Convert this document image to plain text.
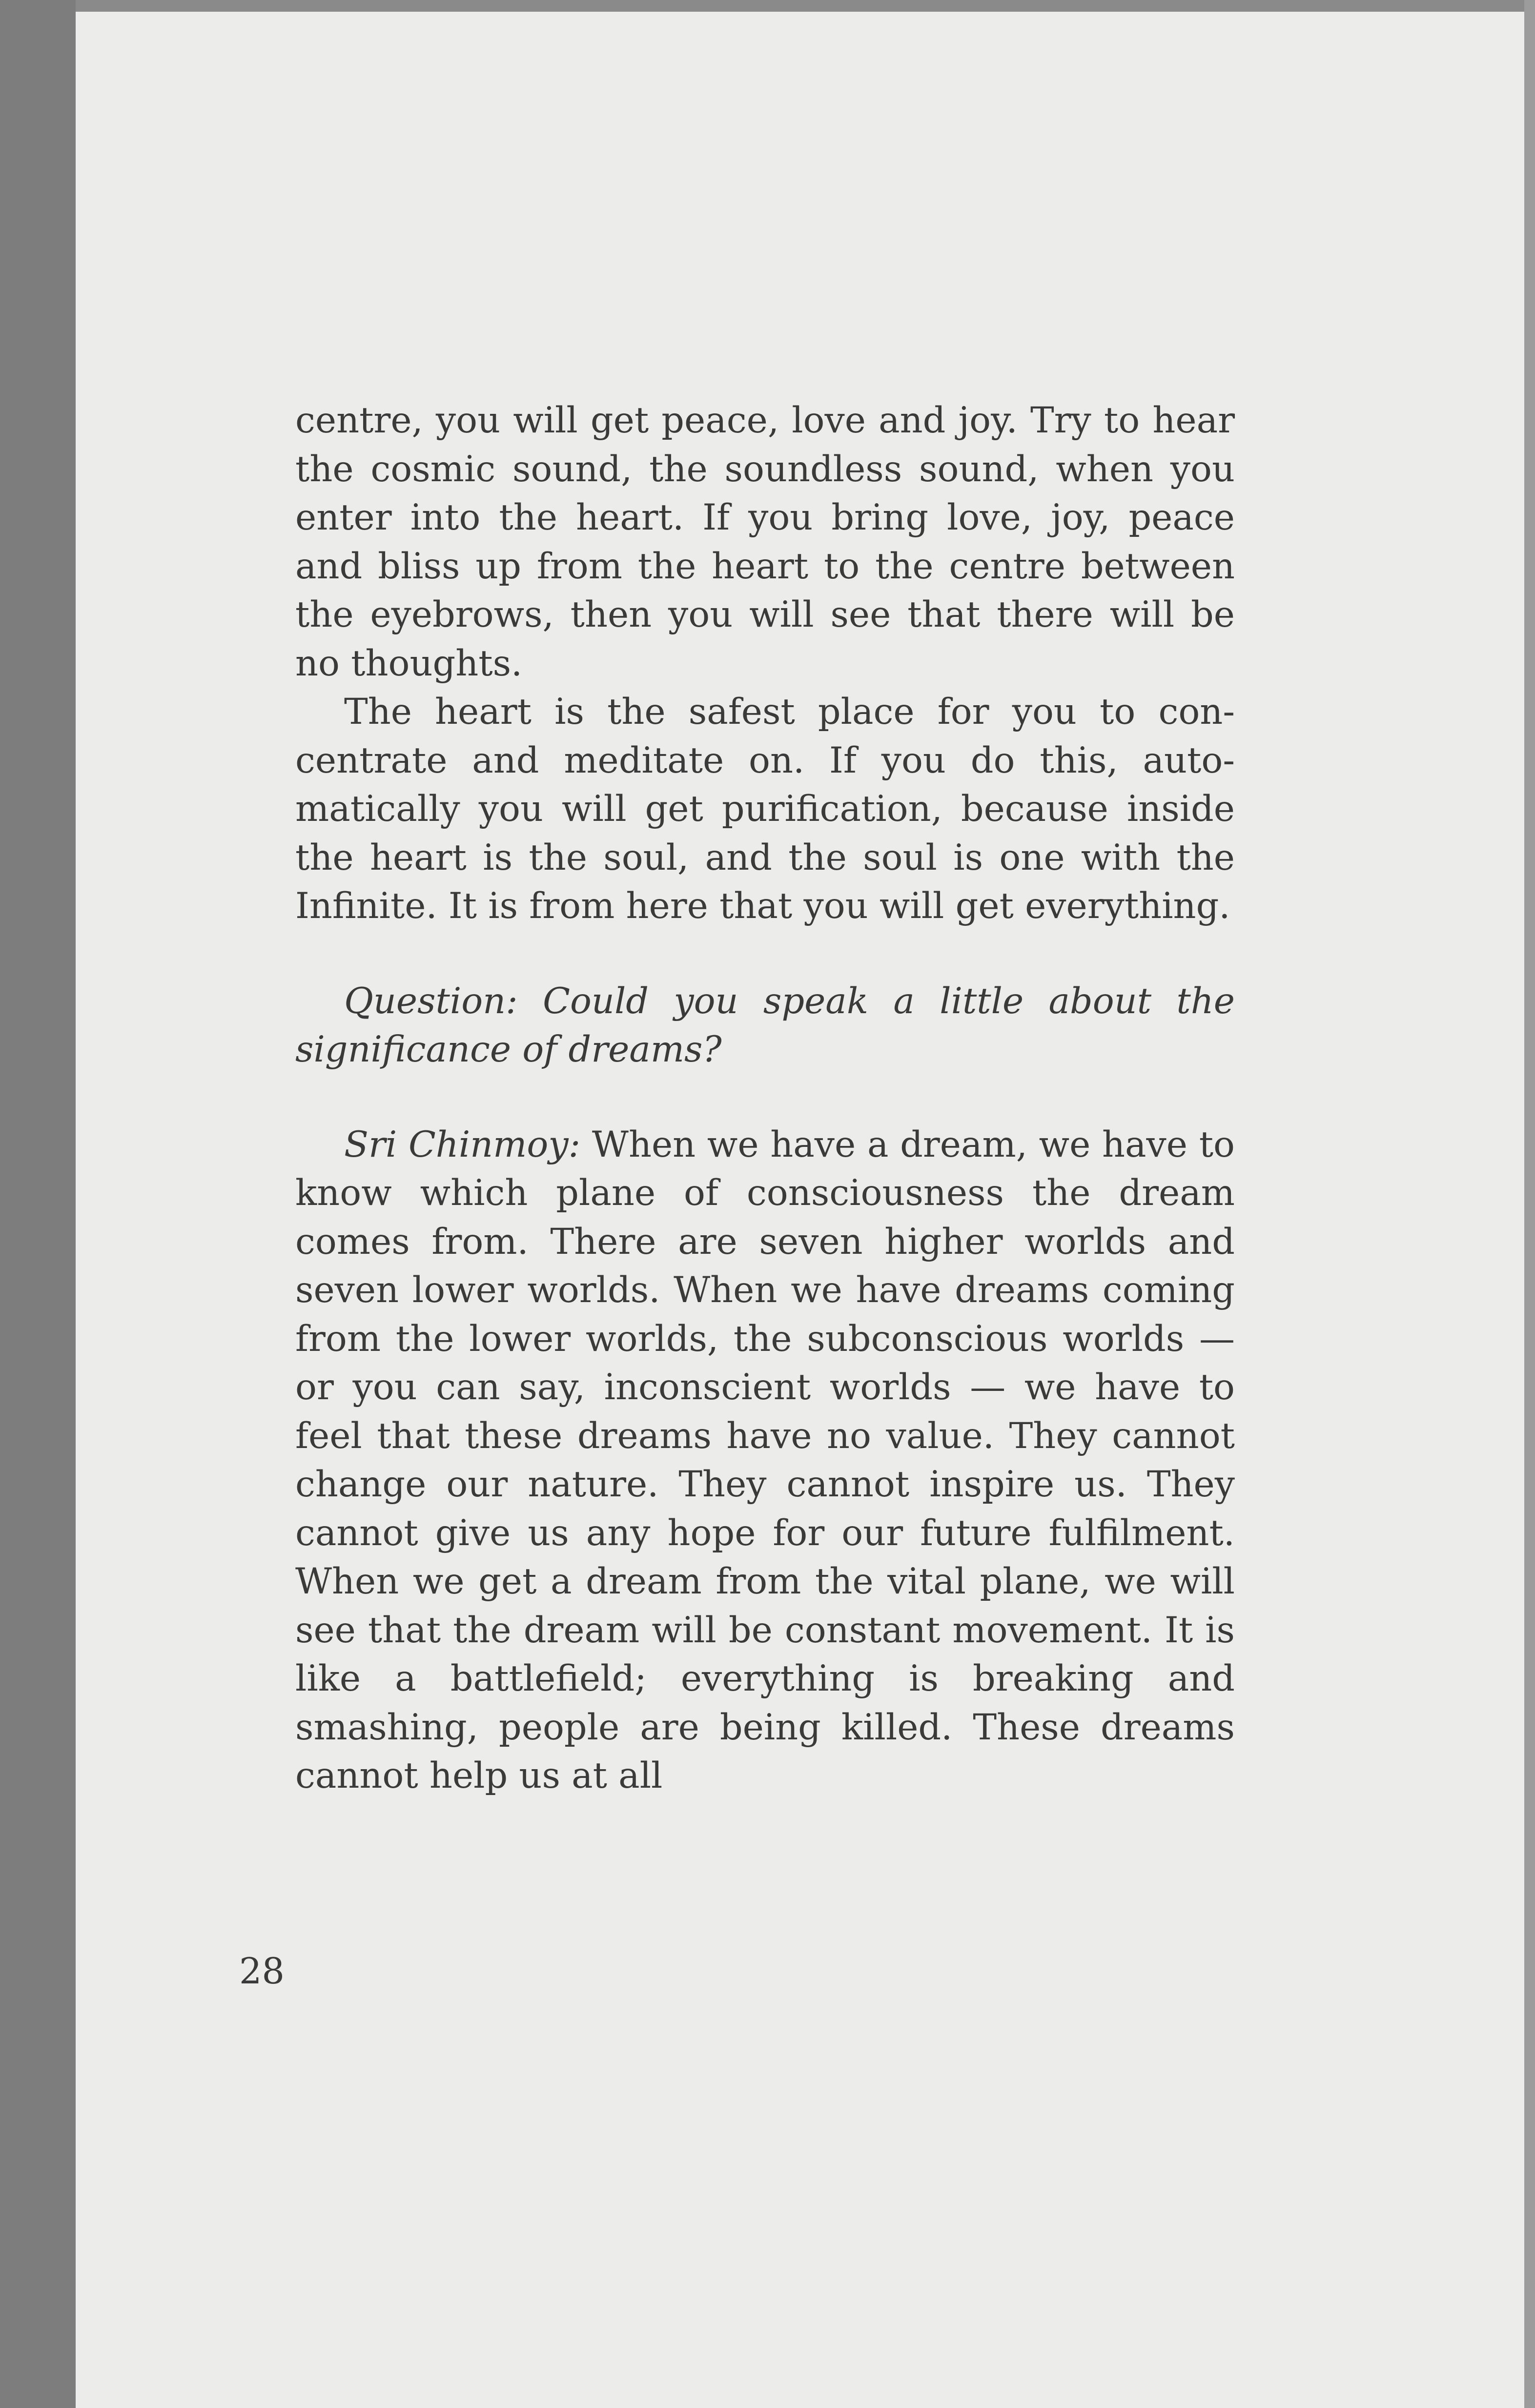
centre, you will get peace, love and joy. Try to hear the cosmic sound, the soundless sound, when you enter into the heart. If you bring love, joy, peace and bliss up from the heart to the centre between the eyebrows, then you will see that there will be no thoughts.

The heart is the safest place for you to concentrate and meditate on. If you do this, automatically you will get purification, because inside the heart is the soul, and the soul is one with the Infinite. It is from here that you will get everything.

Question: Could you speak a little about the significance of dreams?

Sri Chinmoy: When we have a dream, we have to know which plane of consciousness the dream comes from. There are seven higher worlds and seven lower worlds. When we have dreams coming from the lower worlds, the subconscious worlds — or you can say, inconscient worlds — we have to feel that these dreams have no value. They cannot change our nature. They cannot inspire us. They cannot give us any hope for our future fulfilment. When we get a dream from the vital plane, we will see that the dream will be constant movement. It is like a battlefield; everything is breaking and smashing, people are being killed. These dreams cannot help us at all

28
